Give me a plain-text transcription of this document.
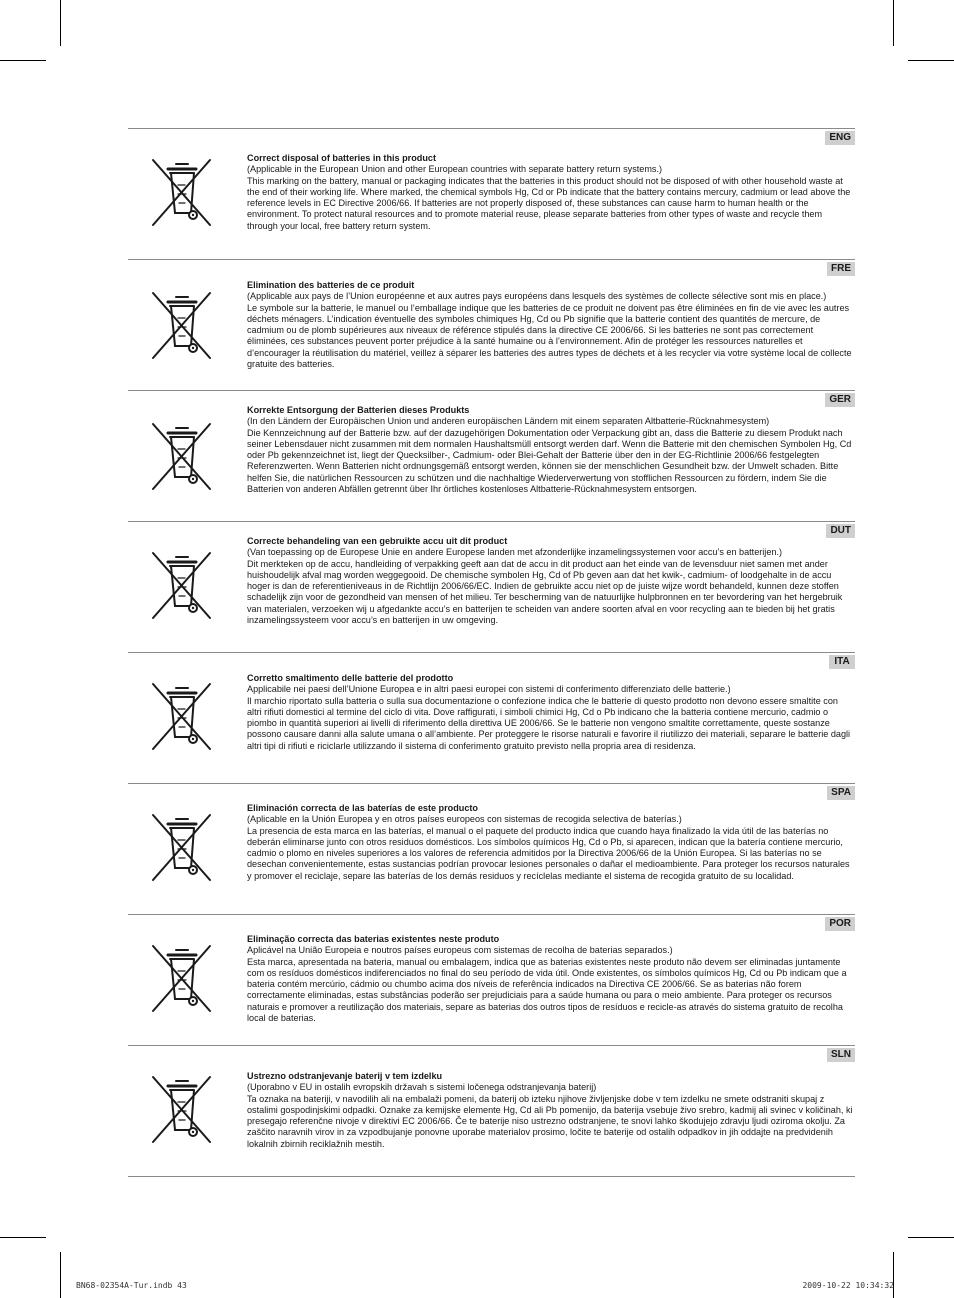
ENG
Correct disposal of batteries in this product

(Applicable in the European Union and other European countries with separate battery return systems.)

This marking on the battery, manual or packaging indicates that the batteries in this product should not be disposed of with other household waste at the end of their working life. Where marked, the chemical symbols Hg, Cd or Pb indicate that the battery contains mercury, cadmium or lead above the reference levels in EC Directive 2006/66. If batteries are not properly disposed of, these substances can cause harm to human health or the environment. To protect natural resources and to promote material reuse, please separate batteries from other types of waste and recycle them through your local, free battery return system.

FRE
Elimination des batteries de ce produit

(Applicable aux pays de l’Union européenne et aux autres pays européens dans lesquels des systèmes de collecte sélective sont mis en place.)

Le symbole sur la batterie, le manuel ou l’emballage indique que les batteries de ce produit ne doivent pas être éliminées en fin de vie avec les autres déchets ménagers. L’indication éventuelle des symboles chimiques Hg, Cd ou Pb signifie que la batterie contient des quantités de mercure, de cadmium ou de plomb supérieures aux niveaux de référence stipulés dans la directive CE 2006/66. Si les batteries ne sont pas correctement éliminées, ces substances peuvent porter préjudice à la santé humaine ou à l’environnement. Afin de protéger les ressources naturelles et d’encourager la réutilisation du matériel, veillez à séparer les batteries des autres types de déchets et à les recycler via votre système local de collecte gratuite des batteries.

GER
Korrekte Entsorgung der Batterien dieses Produkts

(In den Ländern der Europäischen Union und anderen europäischen Ländern mit einem separaten Altbatterie-Rücknahmesystem)

Die Kennzeichnung auf der Batterie bzw. auf der dazugehörigen Dokumentation oder Verpackung gibt an, dass die Batterie zu diesem Produkt nach seiner Lebensdauer nicht zusammen mit dem normalen Haushaltsmüll entsorgt werden darf. Wenn die Batterie mit den chemischen Symbolen Hg, Cd oder Pb gekennzeichnet ist, liegt der Quecksilber-, Cadmium- oder Blei-Gehalt der Batterie über den in der EG-Richtlinie 2006/66 festgelegten Referenzwerten. Wenn Batterien nicht ordnungsgemäß entsorgt werden, können sie der menschlichen Gesundheit bzw. der Umwelt schaden. Bitte helfen Sie, die natürlichen Ressourcen zu schützen und die nachhaltige Wiederverwertung von stofflichen Ressourcen zu fördern, indem Sie die Batterien von anderen Abfällen getrennt über Ihr örtliches kostenloses Altbatterie-Rücknahmesystem entsorgen.

DUT
Correcte behandeling van een gebruikte accu uit dit product

(Van toepassing op de Europese Unie en andere Europese landen met afzonderlijke inzamelingssystemen voor accu’s en batterijen.)

Dit merkteken op de accu, handleiding of verpakking geeft aan dat de accu in dit product aan het einde van de levensduur niet samen met ander huishoudelijk afval mag worden weggegooid. De chemische symbolen Hg, Cd of Pb geven aan dat het kwik-, cadmium- of loodgehalte in de accu hoger is dan de referentieniveaus in de Richtlijn 2006/66/EC. Indien de gebruikte accu niet op de juiste wijze wordt behandeld, kunnen deze stoffen schadelijk zijn voor de gezondheid van mensen of het milieu. Ter bescherming van de natuurlijke hulpbronnen en ter bevordering van het hergebruik van materialen, verzoeken wij u afgedankte accu’s en batterijen te scheiden van andere soorten afval en voor recycling aan te bieden bij het gratis inzamelingssysteem voor accu’s en batterijen in uw omgeving.

ITA
Corretto smaltimento delle batterie del prodotto

Applicabile nei paesi dell’Unione Europea e in altri paesi europei con sistemi di conferimento differenziato delle batterie.)

Il marchio riportato sulla batteria o sulla sua documentazione o confezione indica che le batterie di questo prodotto non devono essere smaltite con altri rifiuti domestici al termine del ciclo di vita. Dove raffigurati, i simboli chimici Hg, Cd o Pb indicano che la batteria contiene mercurio, cadmio o piombo in quantità superiori ai livelli di riferimento della direttiva UE 2006/66. Se le batterie non vengono smaltite correttamente, queste sostanze possono causare danni alla salute umana o all’ambiente. Per proteggere le risorse naturali e favorire il riutilizzo dei materiali, separare le batterie dagli altri tipi di rifiuti e riciclarle utilizzando il sistema di conferimento gratuito previsto nella propria area di residenza.

SPA
Eliminación correcta de las baterías de este producto

(Aplicable en la Unión Europea y en otros países europeos con sistemas de recogida selectiva de baterías.)

La presencia de esta marca en las baterías, el manual o el paquete del producto indica que cuando haya finalizado la vida útil de las baterías no deberán eliminarse junto con otros residuos domésticos. Los símbolos químicos Hg, Cd o Pb, si aparecen, indican que la batería contiene mercurio, cadmio o plomo en niveles superiores a los valores de referencia admitidos por la Directiva 2006/66 de la Unión Europea. Si las baterías no se desechan convenientemente, estas sustancias podrían provocar lesiones personales o dañar el medioambiente. Para proteger los recursos naturales y promover el reciclaje, separe las baterías de los demás residuos y recíclelas mediante el sistema de recogida gratuito de su localidad.

POR
Eliminação correcta das baterias existentes neste produto

Aplicável na União Europeia e noutros países europeus com sistemas de recolha de baterias separados.)

Esta marca, apresentada na bateria, manual ou embalagem, indica que as baterias existentes neste produto não devem ser eliminadas juntamente com os resíduos domésticos indiferenciados no final do seu período de vida útil. Onde existentes, os símbolos químicos Hg, Cd ou Pb indicam que a bateria contém mercúrio, cádmio ou chumbo acima dos níveis de referência indicados na Directiva CE 2006/66. Se as baterias não forem correctamente eliminadas, estas substâncias poderão ser prejudiciais para a saúde humana ou para o meio ambiente. Para proteger os recursos naturais e promover a reutilização dos materiais, separe as baterias dos outros tipos de resíduos e recicle-as através do sistema gratuito de recolha local de baterias.

SLN
Ustrezno odstranjevanje baterij v tem izdelku

(Uporabno v EU in ostalih evropskih državah s sistemi ločenega odstranjevanja baterij)

Ta oznaka na bateriji, v navodilih ali na embalaži pomeni, da baterij ob izteku njihove življenjske dobe v tem izdelku ne smete odstraniti skupaj z ostalimi gospodinjskimi odpadki. Oznake za kemijske elemente Hg, Cd ali Pb pomenijo, da baterija vsebuje živo srebro, kadmij ali svinec v količinah, ki presegajo referenčne nivoje v direktivi EC 2006/66. Če te baterije niso ustrezno odstranjene, te snovi lahko škodujejo zdravju ljudi oziroma okolju. Za zaščito naravnih virov in za vzpodbujanje ponovne uporabe materialov prosimo, ločite te baterije od ostalih odpadkov in jih oddajte na predvidenih lokalnih zbirnih reciklažnih mestih.

BN68-02354A-Tur.indb 43	2009-10-22 10:34:32
